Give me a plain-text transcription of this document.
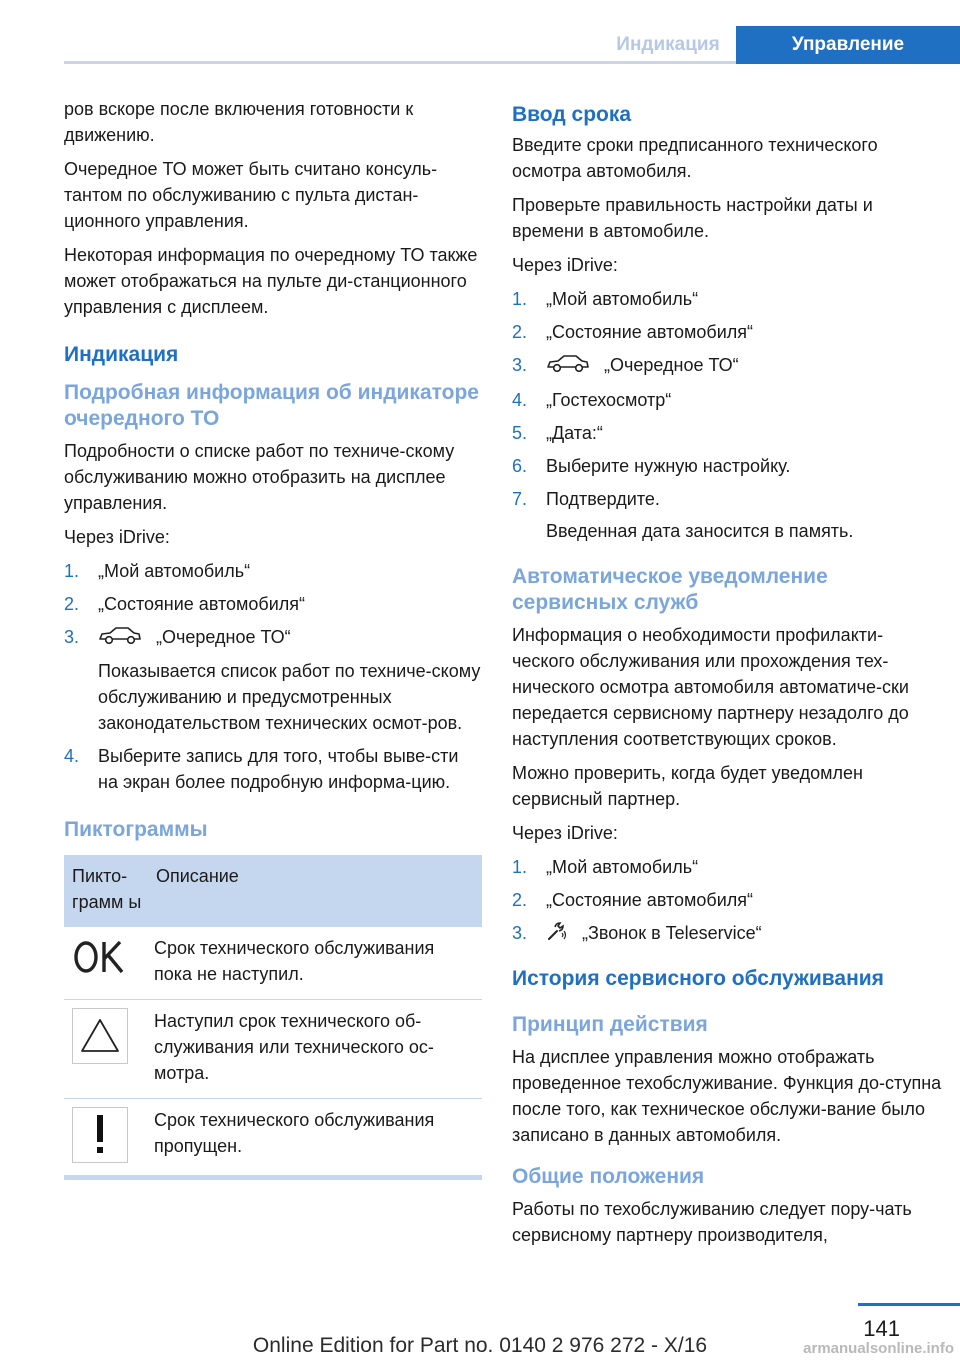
Индикация	Управление

ров вскоре после включения готовности к движению.

Очередное ТО может быть считано консуль-тантом по обслуживанию с пульта дистан-ционного управления.

Некоторая информация по очередному ТО также может отображаться на пульте ди-станционного управления с дисплеем.

Индикация
Подробная информация об индикаторе очередного ТО

Подробности о списке работ по техниче-скому обслуживанию можно отобразить на дисплее управления.

Через iDrive:

1. „Мой автомобиль“
2. „Состояние автомобиля“
3.	„Очередное ТО“
Показывается список работ по техниче-скому обслуживанию и предусмотренных законодательством технических осмот-ров.
4. Выберите запись для того, чтобы выве-сти на экран более подробную информа-цию.
Пиктограммы
Пикто-грамм ы	Описание

	Срок технического обслуживания пока не наступил.

	Наступил срок технического об-служивания или технического ос-мотра.

	Срок технического обслуживания пропущен.
Ввод срока

Введите сроки предписанного технического осмотра автомобиля.

Проверьте правильность настройки даты и времени в автомобиле.

Через iDrive:

1. „Мой автомобиль“
2. „Состояние автомобиля“
3.	„Очередное ТО“
4. „Гостехосмотр“
5. „Дата:“
6. Выберите нужную настройку.
7. Подтвердите.
Введенная дата заносится в память.
Автоматическое уведомление сервисных служб

Информация о необходимости профилакти-ческого обслуживания или прохождения тех-нического осмотра автомобиля автоматиче-ски передается сервисному партнеру незадолго до наступления соответствующих сроков.

Можно проверить, когда будет уведомлен сервисный партнер.

Через iDrive:

1. „Мой автомобиль“
2. „Состояние автомобиля“
3.	„Звонок в Teleservice“
История сервисного обслуживания
Принцип действия

На дисплее управления можно отображать проведенное техобслуживание. Функция до-ступна после того, как техническое обслужи-вание было записано в данных автомобиля.

Общие положения

Работы по техобслуживанию следует пору-чать сервисному партнеру производителя,

141
Online Edition for Part no. 0140 2 976 272 - X/16	armanualsonline.info
